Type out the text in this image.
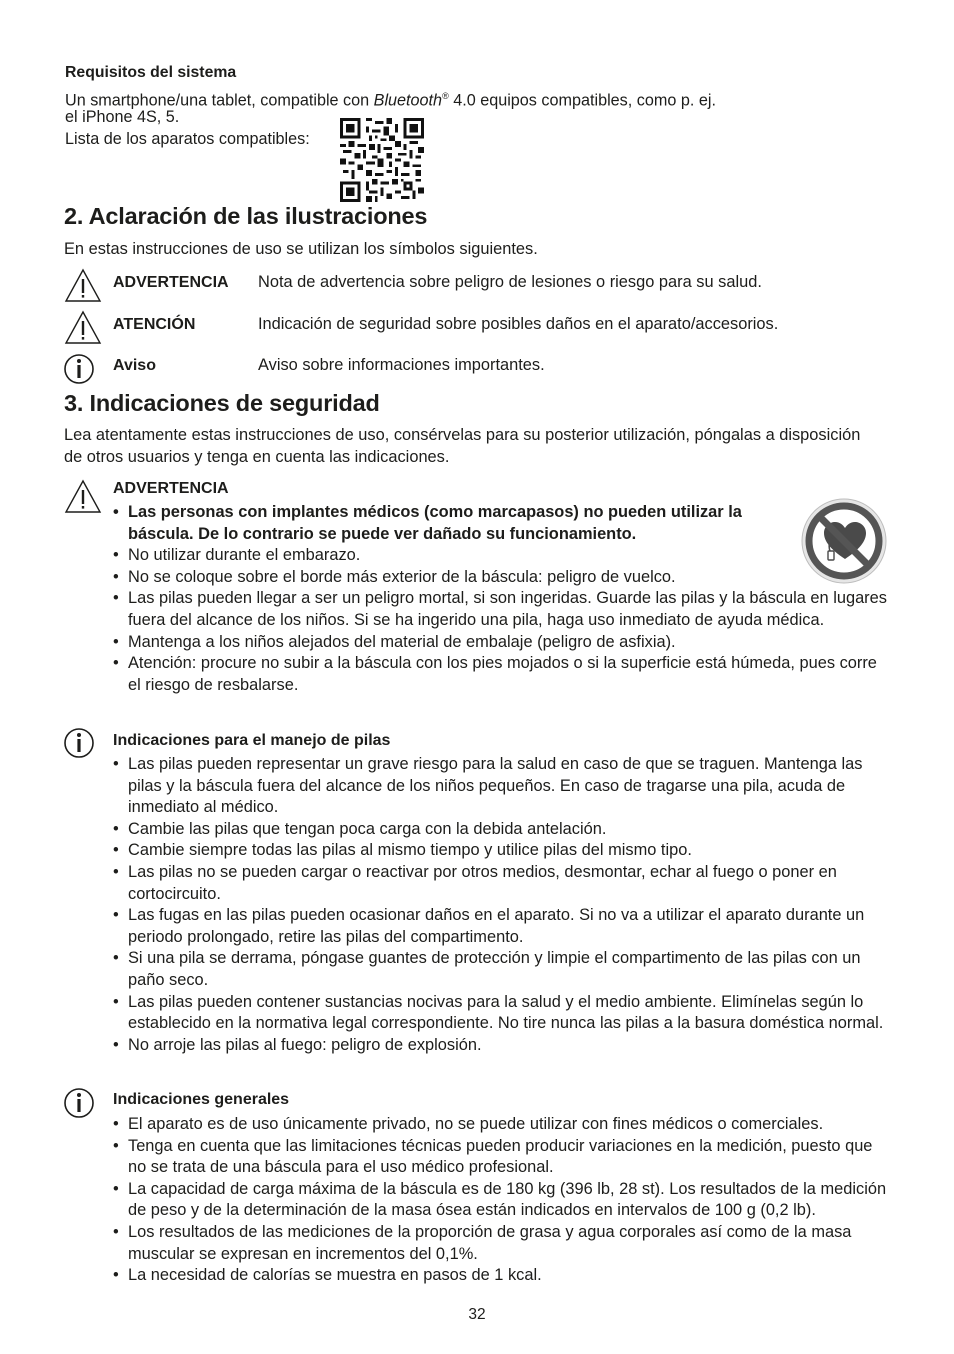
Requisitos del sistema
Un smartphone/una tablet, compatible con Bluetooth® 4.0 equipos compatibles, como p. ej.
el iPhone 4S, 5.
Lista de los aparatos compatibles:
2. Aclaración de las ilustraciones
En estas instrucciones de uso se utilizan los símbolos siguientes.
ADVERTENCIA Nota de advertencia sobre peligro de lesiones o riesgo para su salud.
ATENCIÓN	Indicación de seguridad sobre posibles daños en el aparato/accesorios.
Aviso	Aviso sobre informaciones importantes.
3. Indicaciones de seguridad
Lea atentamente estas instrucciones de uso, consérvelas para su posterior utilización, póngalas a disposición de otros usuarios y tenga en cuenta las indicaciones.
ADVERTENCIA
• Las personas con implantes médicos (como marcapasos) no pueden utilizar la báscula. De lo contrario se puede ver dañado su funcionamiento.
• No utilizar durante el embarazo.
• No se coloque sobre el borde más exterior de la báscula: peligro de vuelco.
• Las pilas pueden llegar a ser un peligro mortal, si son ingeridas. Guarde las pilas y la báscula en lugares fuera del alcance de los niños. Si se ha ingerido una pila, haga uso inmediato de ayuda médica.
• Mantenga a los niños alejados del material de embalaje (peligro de asfixia).
• Atención: procure no subir a la báscula con los pies mojados o si la superficie está húmeda, pues corre el riesgo de resbalarse.
Indicaciones para el manejo de pilas
• Las pilas pueden representar un grave riesgo para la salud en caso de que se traguen. Mantenga las pilas y la báscula fuera del alcance de los niños pequeños. En caso de tragarse una pila, acuda de inmediato al médico.
• Cambie las pilas que tengan poca carga con la debida antelación.
• Cambie siempre todas las pilas al mismo tiempo y utilice pilas del mismo tipo.
• Las pilas no se pueden cargar o reactivar por otros medios, desmontar, echar al fuego o poner en cortocircuito.
• Las fugas en las pilas pueden ocasionar daños en el aparato. Si no va a utilizar el aparato durante un periodo prolongado, retire las pilas del compartimento.
• Si una pila se derrama, póngase guantes de protección y limpie el compartimento de las pilas con un paño seco.
• Las pilas pueden contener sustancias nocivas para la salud y el medio ambiente. Elimínelas según lo establecido en la normativa legal correspondiente. No tire nunca las pilas a la basura doméstica normal.
• No arroje las pilas al fuego: peligro de explosión.
Indicaciones generales
• El aparato es de uso únicamente privado, no se puede utilizar con fines médicos o comerciales.
• Tenga en cuenta que las limitaciones técnicas pueden producir variaciones en la medición, puesto que no se trata de una báscula para el uso médico profesional.
• La capacidad de carga máxima de la báscula es de 180 kg (396 lb, 28 st). Los resultados de la medición de peso y de la determinación de la masa ósea están indicados en intervalos de 100 g (0,2 lb).
• Los resultados de las mediciones de la proporción de grasa y agua corporales así como de la masa muscular se expresan en incrementos del 0,1%.
• La necesidad de calorías se muestra en pasos de 1 kcal.
32
